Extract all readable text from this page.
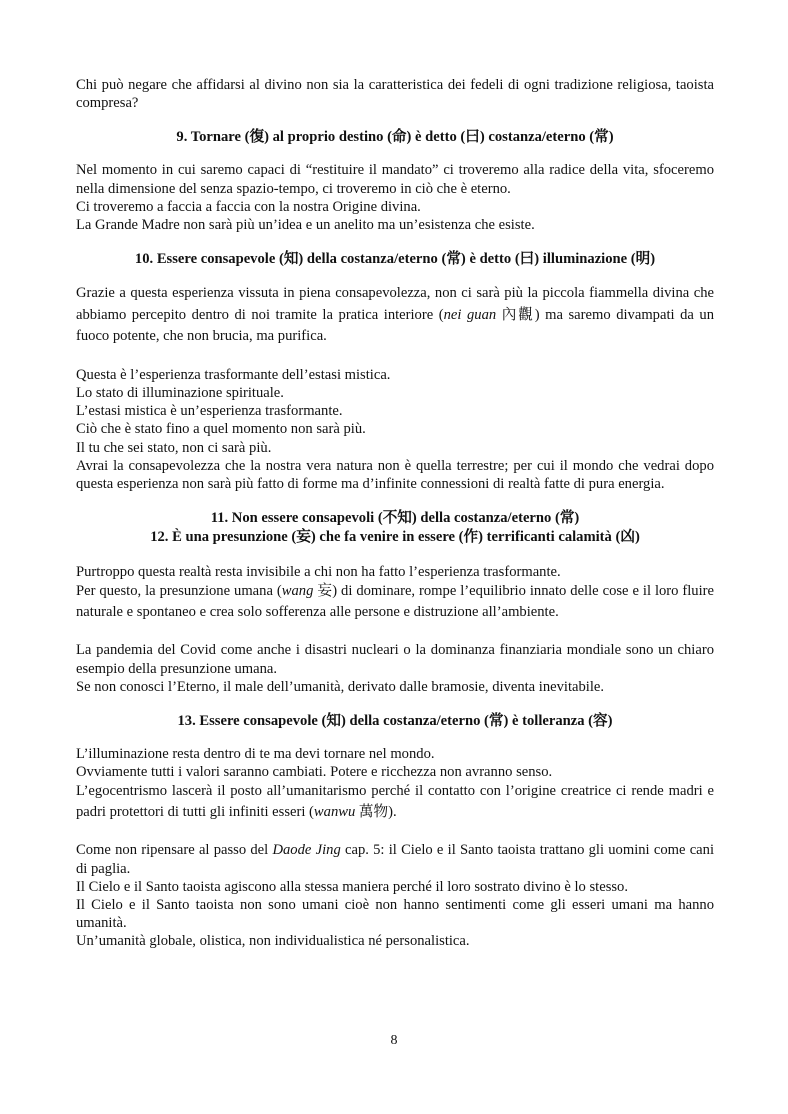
Chi può negare che affidarsi al divino non sia la caratteristica dei fedeli di ogni tradizione religiosa, taoista compresa?

9. Tornare (復) al proprio destino (命) è detto (曰) costanza/eterno (常)

Nel momento in cui saremo capaci di “restituire il mandato” ci troveremo alla radice della vita, sfoceremo nella dimensione del senza spazio-tempo, ci troveremo in ciò che è eterno.

Ci troveremo a faccia a faccia con la nostra Origine divina.

La Grande Madre non sarà più un’idea e un anelito ma un’esistenza che esiste.

10. Essere consapevole (知) della costanza/eterno (常) è detto (曰) illuminazione (明)

Grazie a questa esperienza vissuta in piena consapevolezza, non ci sarà più la piccola fiammella divina che abbiamo percepito dentro di noi tramite la pratica interiore (nei guan 內觀) ma saremo divampati da un fuoco potente, che non brucia, ma purifica.

Questa è l’esperienza trasformante dell’estasi mistica.

Lo stato di illuminazione spirituale.

L’estasi mistica è un’esperienza trasformante.

Ciò che è stato fino a quel momento non sarà più.

Il tu che sei stato, non ci sarà più.

Avrai la consapevolezza che la nostra vera natura non è quella terrestre; per cui il mondo che vedrai dopo questa esperienza non sarà più fatto di forme ma d’infinite connessioni di realtà fatte di pura energia.

11. Non essere consapevoli (不知) della costanza/eterno (常)
12. È una presunzione (妄) che fa venire in essere (作) terrificanti calamità (凶)

Purtroppo questa realtà resta invisibile a chi non ha fatto l’esperienza trasformante.

Per questo, la presunzione umana (wang 妄) di dominare, rompe l’equilibrio innato delle cose e il loro fluire naturale e spontaneo e crea solo sofferenza alle persone e distruzione all’ambiente.

La pandemia del Covid come anche i disastri nucleari o la dominanza finanziaria mondiale sono un chiaro esempio della presunzione umana.

Se non conosci l’Eterno, il male dell’umanità, derivato dalle bramosie, diventa inevitabile.

13. Essere consapevole (知) della costanza/eterno (常) è tolleranza (容)

L’illuminazione resta dentro di te ma devi tornare nel mondo.

Ovviamente tutti i valori saranno cambiati. Potere e ricchezza non avranno senso.

L’egocentrismo lascerà il posto all’umanitarismo perché il contatto con l’origine creatrice ci rende madri e padri protettori di tutti gli infiniti esseri (wanwu 萬物).

Come non ripensare al passo del Daode Jing cap. 5: il Cielo e il Santo taoista trattano gli uomini come cani di paglia.

Il Cielo e il Santo taoista agiscono alla stessa maniera perché il loro sostrato divino è lo stesso.

Il Cielo e il Santo taoista non sono umani cioè non hanno sentimenti come gli esseri umani ma hanno umanità.

Un’umanità globale, olistica, non individualistica né personalistica.

8
